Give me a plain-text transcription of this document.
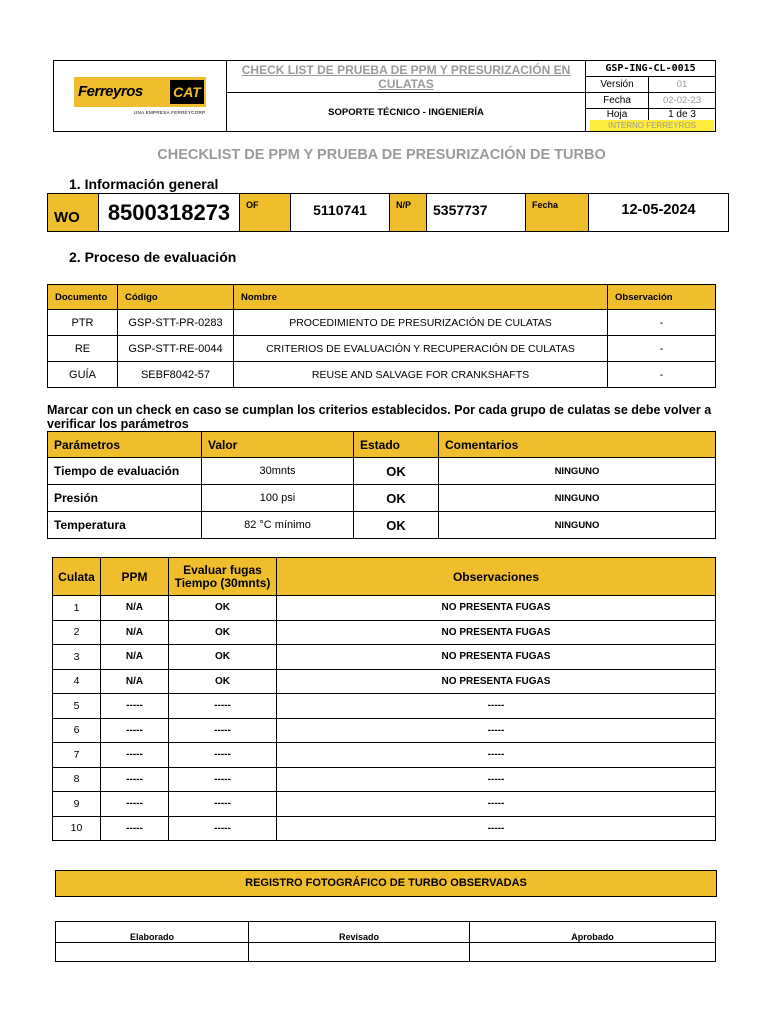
Ferreyros CAT
UNA EMPRESA FERREYCORP	CHECK LIST DE PRUEBA DE PPM Y PRESURIZACIÓN EN CULATAS	GSP-ING-CL-0015	
		Versión	01
	SOPORTE TÉCNICO - INGENIERÍA	Fecha	02-02-23
		Hoja	1 de 3
INTERNO FERREYROS
CHECKLIST DE PPM Y PRUEBA DE PRESURIZACIÓN DE TURBO
1. Información general
WO	8500318273	OF	5110741	N/P	5357737	Fecha	12-05-2024
2. Proceso de evaluación
Documento	Código	Nombre	Observación
PTR	GSP-STT-PR-0283	PROCEDIMIENTO DE PRESURIZACIÓN DE CULATAS	-
RE	GSP-STT-RE-0044	CRITERIOS DE EVALUACIÓN Y RECUPERACIÓN DE CULATAS	-
GUÍA	SEBF8042-57	REUSE AND SALVAGE FOR CRANKSHAFTS	-
Marcar con un check en caso se cumplan los criterios establecidos. Por cada grupo de culatas se debe volver a verificar los parámetros
Parámetros	Valor	Estado	Comentarios
Tiempo de evaluación	30mnts	OK	NINGUNO
Presión	100 psi	OK	NINGUNO
Temperatura	82 °C mínimo	OK	NINGUNO
Culata	PPM	Evaluar fugas Tiempo (30mnts)	Observaciones
1	N/A	OK	NO PRESENTA FUGAS
2	N/A	OK	NO PRESENTA FUGAS
3	N/A	OK	NO PRESENTA FUGAS
4	N/A	OK	NO PRESENTA FUGAS
5	-----	-----	-----
6	-----	-----	-----
7	-----	-----	-----
8	-----	-----	-----
9	-----	-----	-----
10	-----	-----	-----
REGISTRO FOTOGRÁFICO DE TURBO OBSERVADAS
Elaborado	Revisado	Aprobado
